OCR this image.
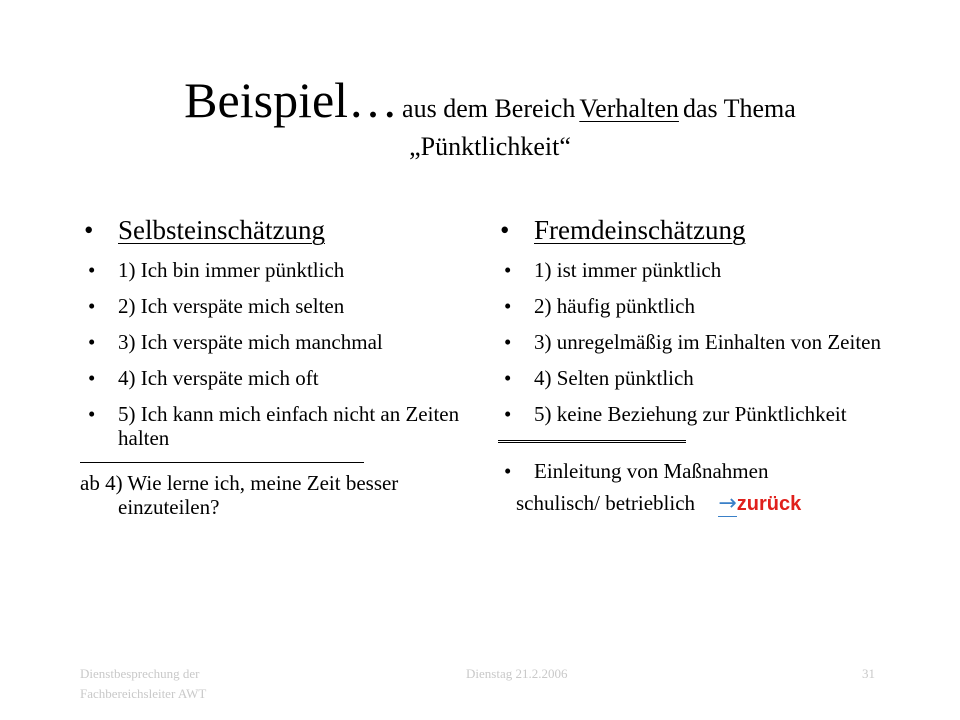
Beispiel… aus dem Bereich Verhalten das Thema
„Pünktlichkeit“
• Selbsteinschätzung
• 1) Ich bin immer pünktlich
• 2) Ich verspäte mich selten
• 3) Ich verspäte mich manchmal
• 4) Ich verspäte mich oft
• 5) Ich kann mich einfach nicht an Zeiten halten
ab 4) Wie lerne ich, meine Zeit besser einzuteilen?
• Fremdeinschätzung
• 1) ist immer pünktlich
• 2) häufig pünktlich
• 3) unregelmäßig im Einhalten von Zeiten
• 4) Selten pünktlich
• 5) keine Beziehung zur Pünktlichkeit
• Einleitung von Maßnahmen
schulisch/ betrieblich →zurück
Dienstbesprechung der Fachbereichsleiter AWT
Dienstag 21.2.2006	31
